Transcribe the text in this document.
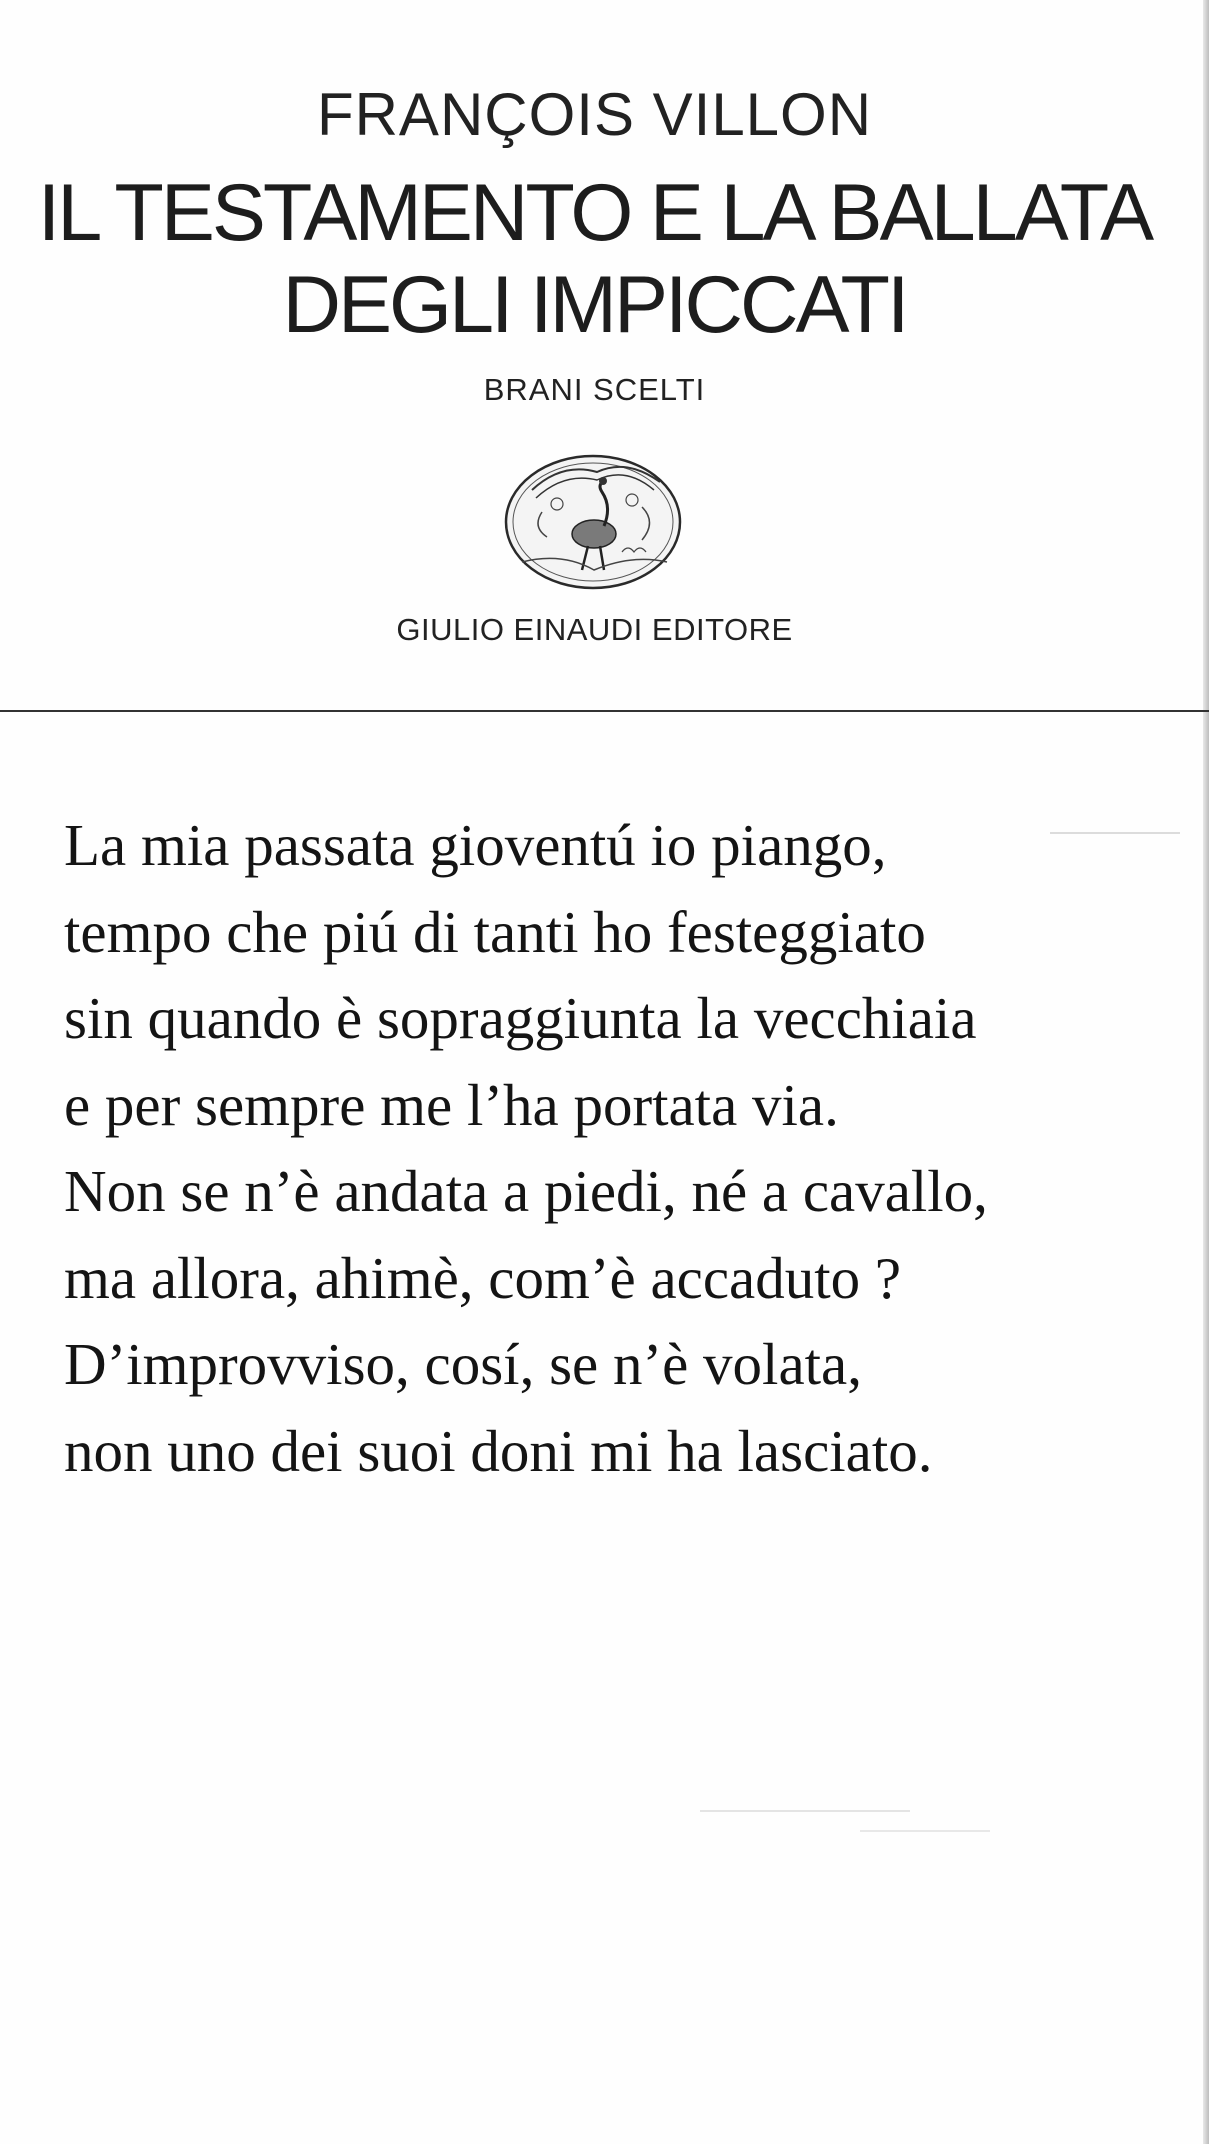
FRANÇOIS VILLON
IL TESTAMENTO E LA BALLATA
DEGLI IMPICCATI
BRANI SCELTI
GIULIO EINAUDI EDITORE
La mia passata gioventú io piango,
tempo che piú di tanti ho festeggiato
sin quando è sopraggiunta la vecchiaia
e per sempre me l’ha portata via.
Non se n’è andata a piedi, né a cavallo,
ma allora, ahimè, com’è accaduto ?
D’improvviso, cosí, se n’è volata,
non uno dei suoi doni mi ha lasciato.
